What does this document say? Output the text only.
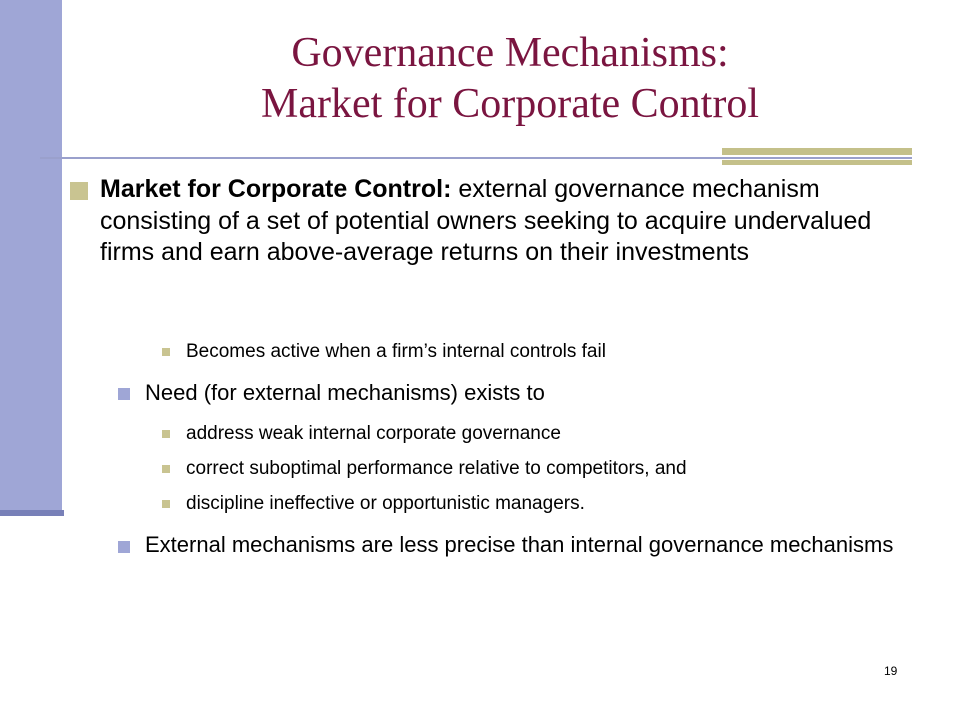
Governance Mechanisms:
Market for Corporate Control
Market for Corporate Control: external governance mechanism consisting of a set of potential owners seeking to acquire undervalued firms and earn above-average returns on their investments
Becomes active when a firm’s internal controls fail
Need (for external mechanisms) exists to
address weak internal corporate governance
correct suboptimal performance relative to competitors, and
discipline ineffective or opportunistic managers.
External mechanisms are less precise than internal governance mechanisms
19
